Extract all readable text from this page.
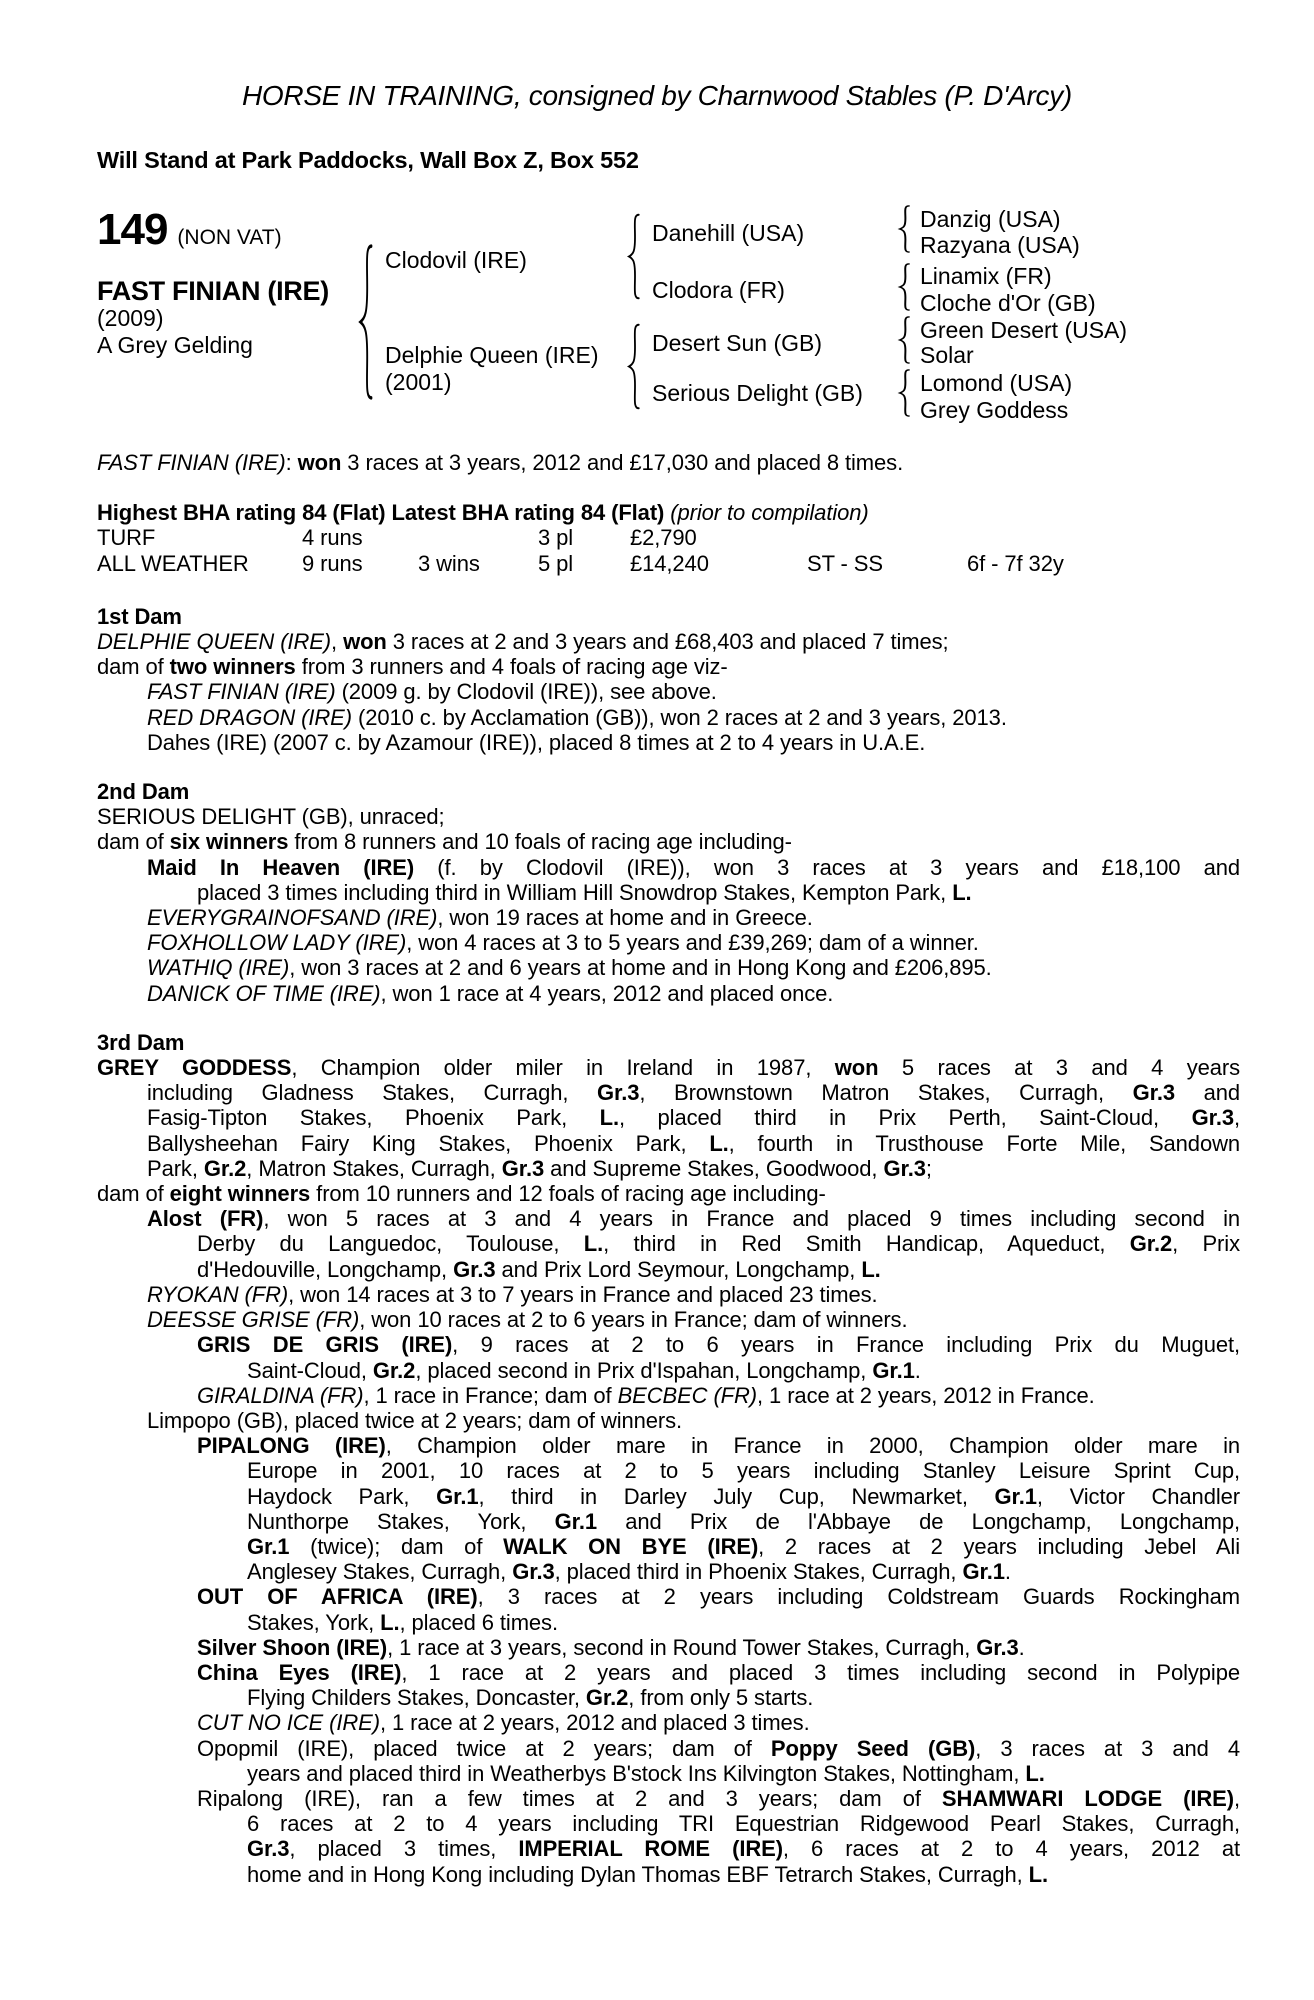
HORSE IN TRAINING, consigned by Charnwood Stables (P. D'Arcy)
Will Stand at Park Paddocks, Wall Box Z, Box 552
149 (NON VAT)
FAST FINIAN (IRE)
(2009)
A Grey Gelding
Clodovil (IRE)
Delphie Queen (IRE)
(2001)
Danehill (USA)
Clodora (FR)
Desert Sun (GB)
Serious Delight (GB)
Danzig (USA)
Razyana (USA)
Linamix (FR)
Cloche d'Or (GB)
Green Desert (USA)
Solar
Lomond (USA)
Grey Goddess
FAST FINIAN (IRE): won 3 races at 3 years, 2012 and £17,030 and placed 8 times.
Highest BHA rating 84 (Flat) Latest BHA rating 84 (Flat) (prior to compilation)
TURF	4 runs	3 pl	£2,790
ALL WEATHER	9 runs	3 wins	5 pl	£14,240	ST - SS	6f - 7f 32y
1st Dam
DELPHIE QUEEN (IRE), won 3 races at 2 and 3 years and £68,403 and placed 7 times;
dam of two winners from 3 runners and 4 foals of racing age viz-
FAST FINIAN (IRE) (2009 g. by Clodovil (IRE)), see above.
RED DRAGON (IRE) (2010 c. by Acclamation (GB)), won 2 races at 2 and 3 years, 2013.
Dahes (IRE) (2007 c. by Azamour (IRE)), placed 8 times at 2 to 4 years in U.A.E.
2nd Dam
SERIOUS DELIGHT (GB), unraced;
dam of six winners from 8 runners and 10 foals of racing age including-
Maid In Heaven (IRE) (f. by Clodovil (IRE)), won 3 races at 3 years and £18,100 and
placed 3 times including third in William Hill Snowdrop Stakes, Kempton Park, L.
EVERYGRAINOFSAND (IRE), won 19 races at home and in Greece.
FOXHOLLOW LADY (IRE), won 4 races at 3 to 5 years and £39,269; dam of a winner.
WATHIQ (IRE), won 3 races at 2 and 6 years at home and in Hong Kong and £206,895.
DANICK OF TIME (IRE), won 1 race at 4 years, 2012 and placed once.
3rd Dam
GREY GODDESS, Champion older miler in Ireland in 1987, won 5 races at 3 and 4 years
including Gladness Stakes, Curragh, Gr.3, Brownstown Matron Stakes, Curragh, Gr.3 and
Fasig-Tipton Stakes, Phoenix Park, L., placed third in Prix Perth, Saint-Cloud, Gr.3,
Ballysheehan Fairy King Stakes, Phoenix Park, L., fourth in Trusthouse Forte Mile, Sandown
Park, Gr.2, Matron Stakes, Curragh, Gr.3 and Supreme Stakes, Goodwood, Gr.3;
dam of eight winners from 10 runners and 12 foals of racing age including-
Alost (FR), won 5 races at 3 and 4 years in France and placed 9 times including second in
Derby du Languedoc, Toulouse, L., third in Red Smith Handicap, Aqueduct, Gr.2, Prix
d'Hedouville, Longchamp, Gr.3 and Prix Lord Seymour, Longchamp, L.
RYOKAN (FR), won 14 races at 3 to 7 years in France and placed 23 times.
DEESSE GRISE (FR), won 10 races at 2 to 6 years in France; dam of winners.
GRIS DE GRIS (IRE), 9 races at 2 to 6 years in France including Prix du Muguet,
Saint-Cloud, Gr.2, placed second in Prix d'Ispahan, Longchamp, Gr.1.
GIRALDINA (FR), 1 race in France; dam of BECBEC (FR), 1 race at 2 years, 2012 in France.
Limpopo (GB), placed twice at 2 years; dam of winners.
PIPALONG (IRE), Champion older mare in France in 2000, Champion older mare in
Europe in 2001, 10 races at 2 to 5 years including Stanley Leisure Sprint Cup,
Haydock Park, Gr.1, third in Darley July Cup, Newmarket, Gr.1, Victor Chandler
Nunthorpe Stakes, York, Gr.1 and Prix de l'Abbaye de Longchamp, Longchamp,
Gr.1 (twice); dam of WALK ON BYE (IRE), 2 races at 2 years including Jebel Ali
Anglesey Stakes, Curragh, Gr.3, placed third in Phoenix Stakes, Curragh, Gr.1.
OUT OF AFRICA (IRE), 3 races at 2 years including Coldstream Guards Rockingham
Stakes, York, L., placed 6 times.
Silver Shoon (IRE), 1 race at 3 years, second in Round Tower Stakes, Curragh, Gr.3.
China Eyes (IRE), 1 race at 2 years and placed 3 times including second in Polypipe
Flying Childers Stakes, Doncaster, Gr.2, from only 5 starts.
CUT NO ICE (IRE), 1 race at 2 years, 2012 and placed 3 times.
Opopmil (IRE), placed twice at 2 years; dam of Poppy Seed (GB), 3 races at 3 and 4
years and placed third in Weatherbys B'stock Ins Kilvington Stakes, Nottingham, L.
Ripalong (IRE), ran a few times at 2 and 3 years; dam of SHAMWARI LODGE (IRE),
6 races at 2 to 4 years including TRI Equestrian Ridgewood Pearl Stakes, Curragh,
Gr.3, placed 3 times, IMPERIAL ROME (IRE), 6 races at 2 to 4 years, 2012 at
home and in Hong Kong including Dylan Thomas EBF Tetrarch Stakes, Curragh, L.
